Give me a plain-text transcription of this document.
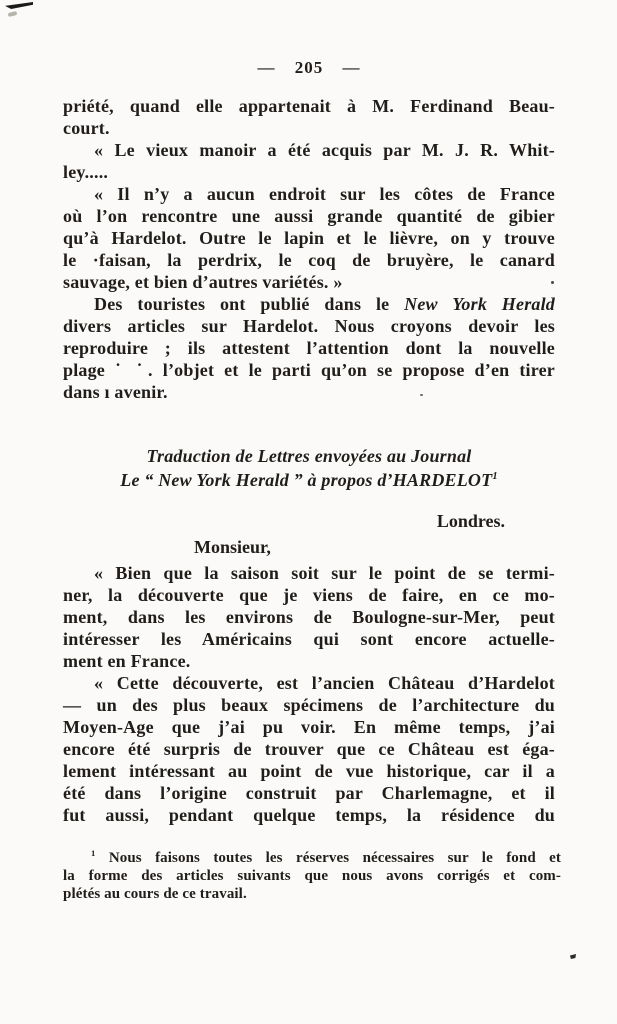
— 205 —
priété, quand elle appartenait à M. Ferdinand Beau-
court.
« Le vieux manoir a été acquis par M. J. R. Whit-
ley.....
« Il n’y a aucun endroit sur les côtes de France
où l’on rencontre une aussi grande quantité de gibier
qu’à Hardelot. Outre le lapin et le lièvre, on y trouve
le ·faisan, la perdrix, le coq de bruyère, le canard
sauvage, et bien d’autres variétés. »
Des touristes ont publié dans le New York Herald
divers articles sur Hardelot. Nous croyons devoir les
reproduire ; ils attestent l’attention dont la nouvelle
plage ˙ ˙. l’objet et le parti qu’on se propose d’en tirer
dans ı avenir.
Traduction de Lettres envoyées au Journal
Le “ New York Herald ” à propos d’HARDELOT$^1$
Londres.
Monsieur,
« Bien que la saison soit sur le point de se termi-
ner, la découverte que je viens de faire, en ce mo-
ment, dans les environs de Boulogne-sur-Mer, peut
intéresser les Américains qui sont encore actuelle-
ment en France.
« Cette découverte, est l’ancien Château d’Hardelot
— un des plus beaux spécimens de l’architecture du
Moyen-Age que j’ai pu voir. En même temps, j’ai
encore été surpris de trouver que ce Château est éga-
lement intéressant au point de vue historique, car il a
été dans l’origine construit par Charlemagne, et il
fut aussi, pendant quelque temps, la résidence du
$^1$ Nous faisons toutes les réserves nécessaires sur le fond et
la forme des articles suivants que nous avons corrigés et com-
plétés au cours de ce travail.
